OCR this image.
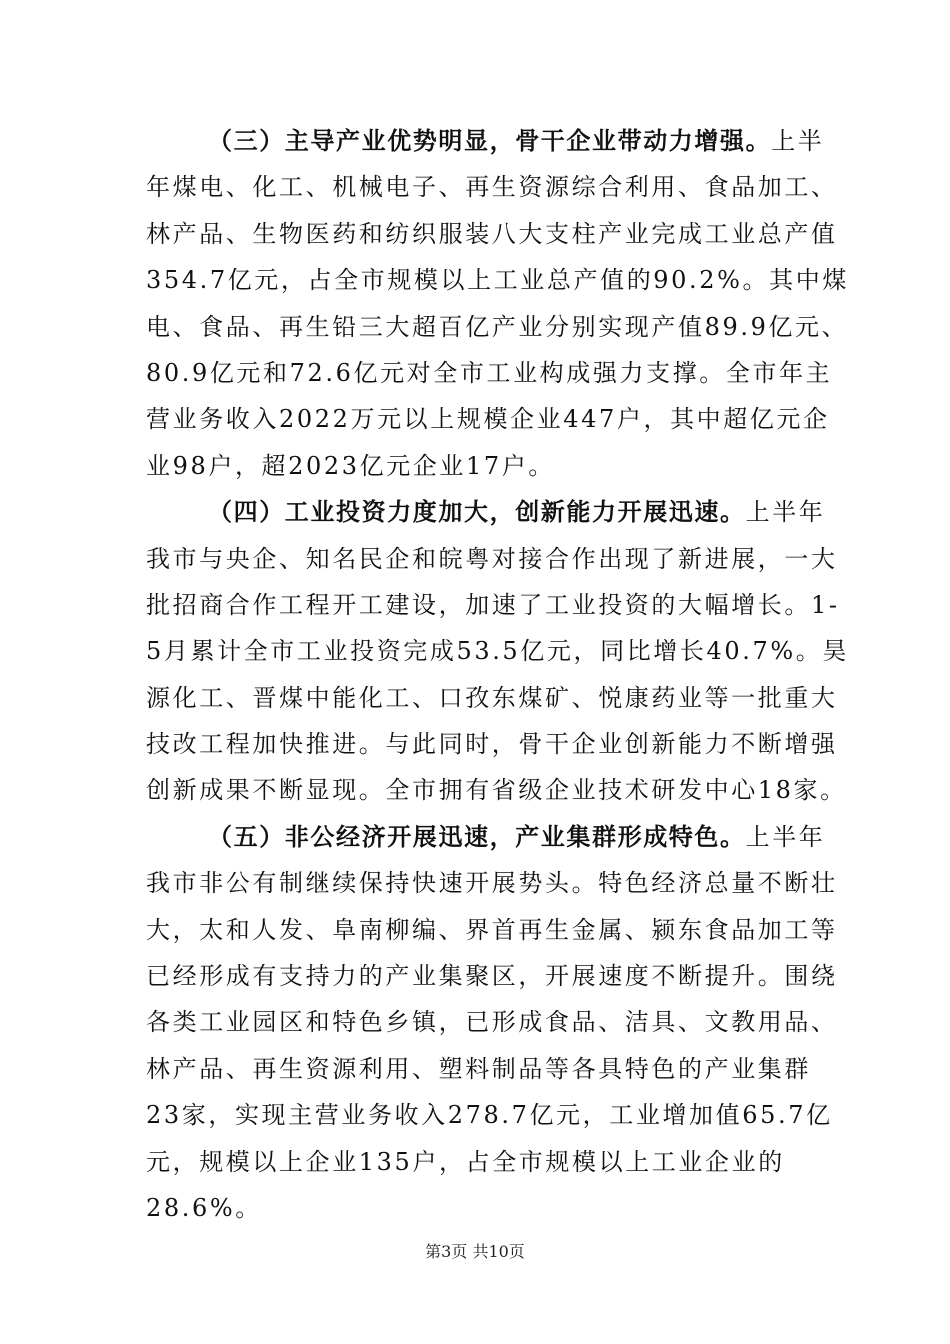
（三）主导产业优势明显，骨干企业带动力增强。上半
年煤电、化工、机械电子、再生资源综合利用、食品加工、
林产品、生物医药和纺织服装八大支柱产业完成工业总产值
354.7亿元，占全市规模以上工业总产值的90.2%。其中煤
电、食品、再生铅三大超百亿产业分别实现产值89.9亿元、
80.9亿元和72.6亿元对全市工业构成强力支撑。全市年主
营业务收入2022万元以上规模企业447户，其中超亿元企
业98户，超2023亿元企业17户。
（四）工业投资力度加大，创新能力开展迅速。上半年
我市与央企、知名民企和皖粤对接合作出现了新进展，一大
批招商合作工程开工建设，加速了工业投资的大幅增长。1-
5月累计全市工业投资完成53.5亿元，同比增长40.7%。昊
源化工、晋煤中能化工、口孜东煤矿、悦康药业等一批重大
技改工程加快推进。与此同时，骨干企业创新能力不断增强
创新成果不断显现。全市拥有省级企业技术研发中心18家。
（五）非公经济开展迅速，产业集群形成特色。上半年
我市非公有制继续保持快速开展势头。特色经济总量不断壮
大，太和人发、阜南柳编、界首再生金属、颍东食品加工等
已经形成有支持力的产业集聚区，开展速度不断提升。围绕
各类工业园区和特色乡镇，已形成食品、洁具、文教用品、
林产品、再生资源利用、塑料制品等各具特色的产业集群
23家，实现主营业务收入278.7亿元，工业增加值65.7亿
元，规模以上企业135户，占全市规模以上工业企业的
28.6%。
第3页 共10页
